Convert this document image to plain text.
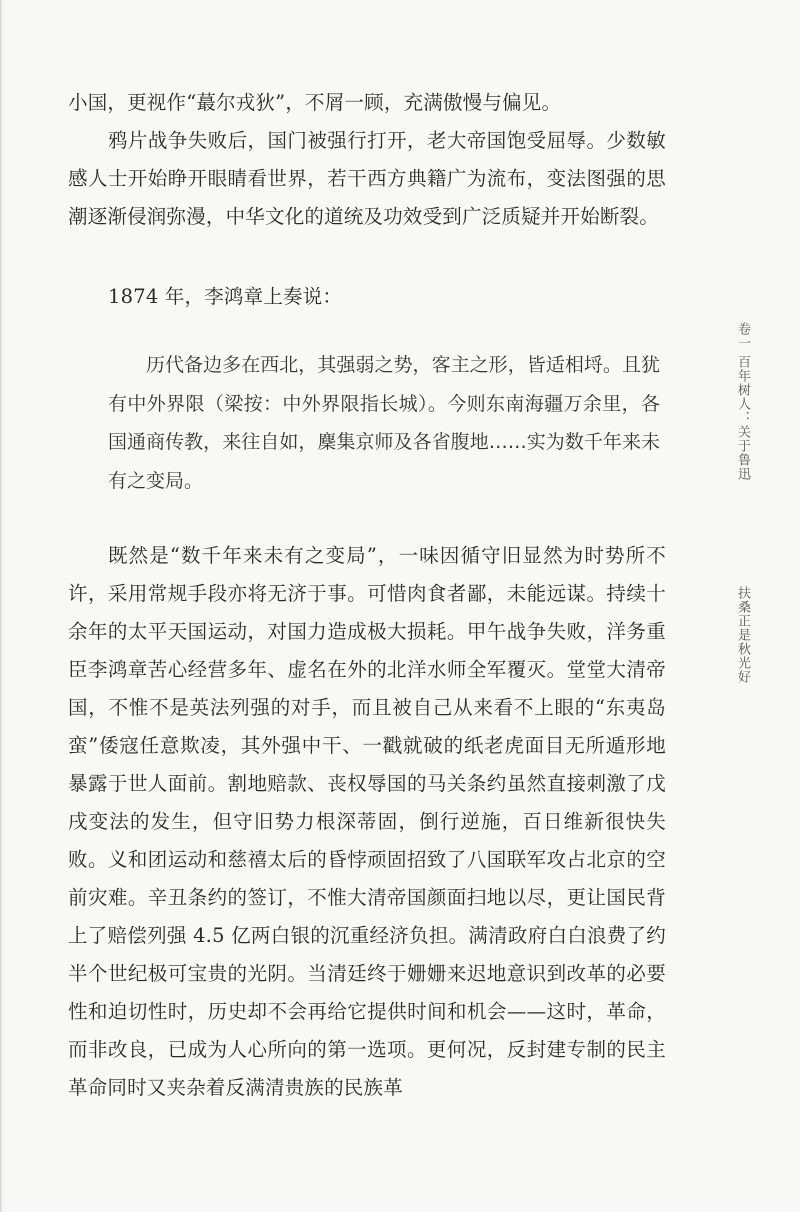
小国，更视作“蕞尔戎狄”，不屑一顾，充满傲慢与偏见。

鸦片战争失败后，国门被强行打开，老大帝国饱受屈辱。少数敏感人士开始睁开眼睛看世界，若干西方典籍广为流布，变法图强的思潮逐渐侵润弥漫，中华文化的道统及功效受到广泛质疑并开始断裂。

1874 年，李鸿章上奏说：

历代备边多在西北，其强弱之势，客主之形，皆适相埒。且犹有中外界限（梁按：中外界限指长城）。今则东南海疆万余里，各国通商传教，来往自如，麇集京师及各省腹地……实为数千年来未有之变局。

既然是“数千年来未有之变局”，一味因循守旧显然为时势所不许，采用常规手段亦将无济于事。可惜肉食者鄙，未能远谋。持续十余年的太平天国运动，对国力造成极大损耗。甲午战争失败，洋务重臣李鸿章苦心经营多年、虚名在外的北洋水师全军覆灭。堂堂大清帝国，不惟不是英法列强的对手，而且被自己从来看不上眼的“东夷岛蛮”倭寇任意欺凌，其外强中干、一戳就破的纸老虎面目无所遁形地暴露于世人面前。割地赔款、丧权辱国的马关条约虽然直接刺激了戊戌变法的发生，但守旧势力根深蒂固，倒行逆施，百日维新很快失败。义和团运动和慈禧太后的昏悖顽固招致了八国联军攻占北京的空前灾难。辛丑条约的签订，不惟大清帝国颜面扫地以尽，更让国民背上了赔偿列强 4.5 亿两白银的沉重经济负担。满清政府白白浪费了约半个世纪极可宝贵的光阴。当清廷终于姗姗来迟地意识到改革的必要性和迫切性时，历史却不会再给它提供时间和机会——这时，革命，而非改良，已成为人心所向的第一选项。更何况，反封建专制的民主革命同时又夹杂着反满清贵族的民族革

卷一 百年树人：关于鲁迅
扶桑正是秋光好
